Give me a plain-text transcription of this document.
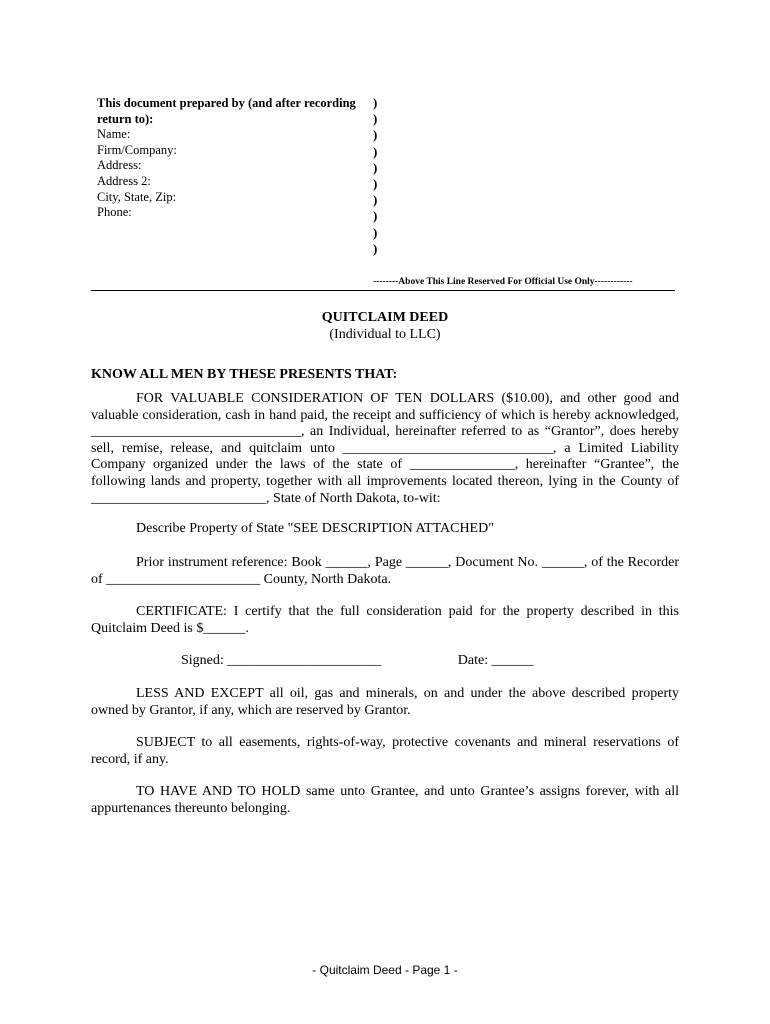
This document prepared by (and after recording return to):
Name:
Firm/Company:
Address:
Address 2:
City, State, Zip:
Phone:
)
)
)
)
)
)
)
)
)
)
--------Above This Line Reserved For Official Use Only------------
QUITCLAIM DEED
(Individual to LLC)
KNOW ALL MEN BY THESE PRESENTS THAT:

FOR VALUABLE CONSIDERATION OF TEN DOLLARS ($10.00), and other good and valuable consideration, cash in hand paid, the receipt and sufficiency of which is hereby acknowledged, ______________________________, an Individual, hereinafter referred to as “Grantor”, does hereby sell, remise, release, and quitclaim unto ______________________________, a Limited Liability Company organized under the laws of the state of _______________, hereinafter “Grantee”, the following lands and property, together with all improvements located thereon, lying in the County of _________________________, State of North Dakota, to-wit:

Describe Property of State "SEE DESCRIPTION ATTACHED"

Prior instrument reference: Book ______, Page ______, Document No. ______, of the Recorder of ______________________ County, North Dakota.

CERTIFICATE: I certify that the full consideration paid for the property described in this Quitclaim Deed is $______.

Signed: ______________________	Date: ______

LESS AND EXCEPT all oil, gas and minerals, on and under the above described property owned by Grantor, if any, which are reserved by Grantor.

SUBJECT to all easements, rights-of-way, protective covenants and mineral reservations of record, if any.

TO HAVE AND TO HOLD same unto Grantee, and unto Grantee’s assigns forever, with all appurtenances thereunto belonging.

- Quitclaim Deed - Page 1 -
